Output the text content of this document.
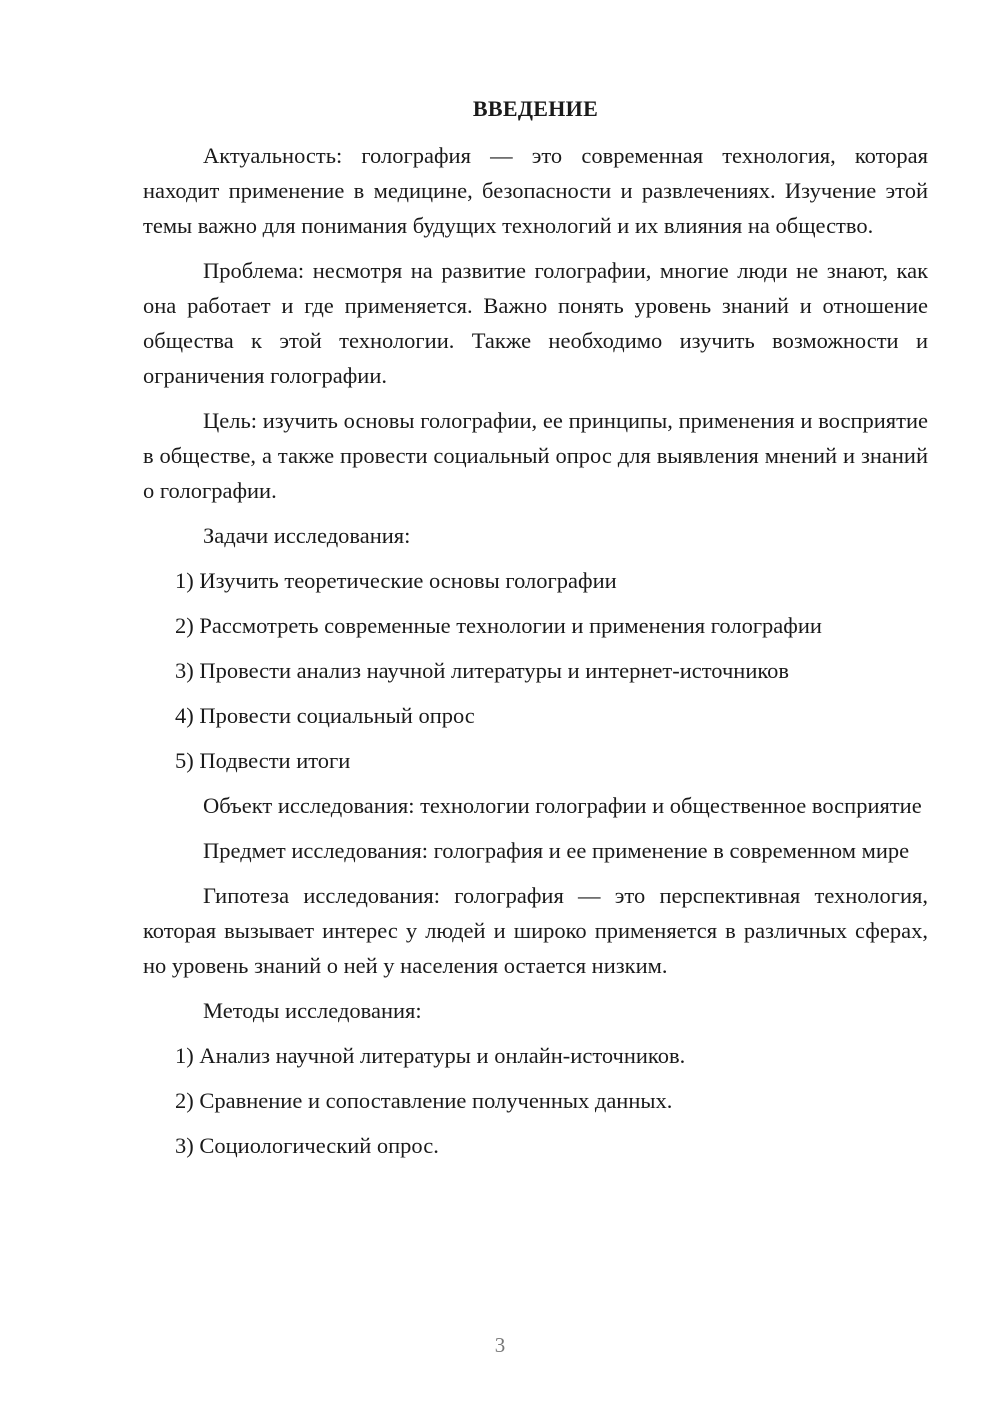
ВВЕДЕНИЕ

Актуальность: голография — это современная технология, которая находит применение в медицине, безопасности и развлечениях. Изучение этой темы важно для понимания будущих технологий и их влияния на общество.

Проблема: несмотря на развитие голографии, многие люди не знают, как она работает и где применяется. Важно понять уровень знаний и отношение общества к этой технологии. Также необходимо изучить возможности и ограничения голографии.

Цель: изучить основы голографии, ее принципы, применения и восприятие в обществе, а также провести социальный опрос для выявления мнений и знаний о голографии.

Задачи исследования:

1) Изучить теоретические основы голографии
2) Рассмотреть современные технологии и применения голографии
3) Провести анализ научной литературы и интернет-источников
4) Провести социальный опрос
5) Подвести итоги

Объект исследования: технологии голографии и общественное восприятие

Предмет исследования: голография и ее применение в современном мире

Гипотеза исследования: голография — это перспективная технология, которая вызывает интерес у людей и широко применяется в различных сферах, но уровень знаний о ней у населения остается низким.

Методы исследования:

1) Анализ научной литературы и онлайн-источников.
2) Сравнение и сопоставление полученных данных.
3) Социологический опрос.
3
